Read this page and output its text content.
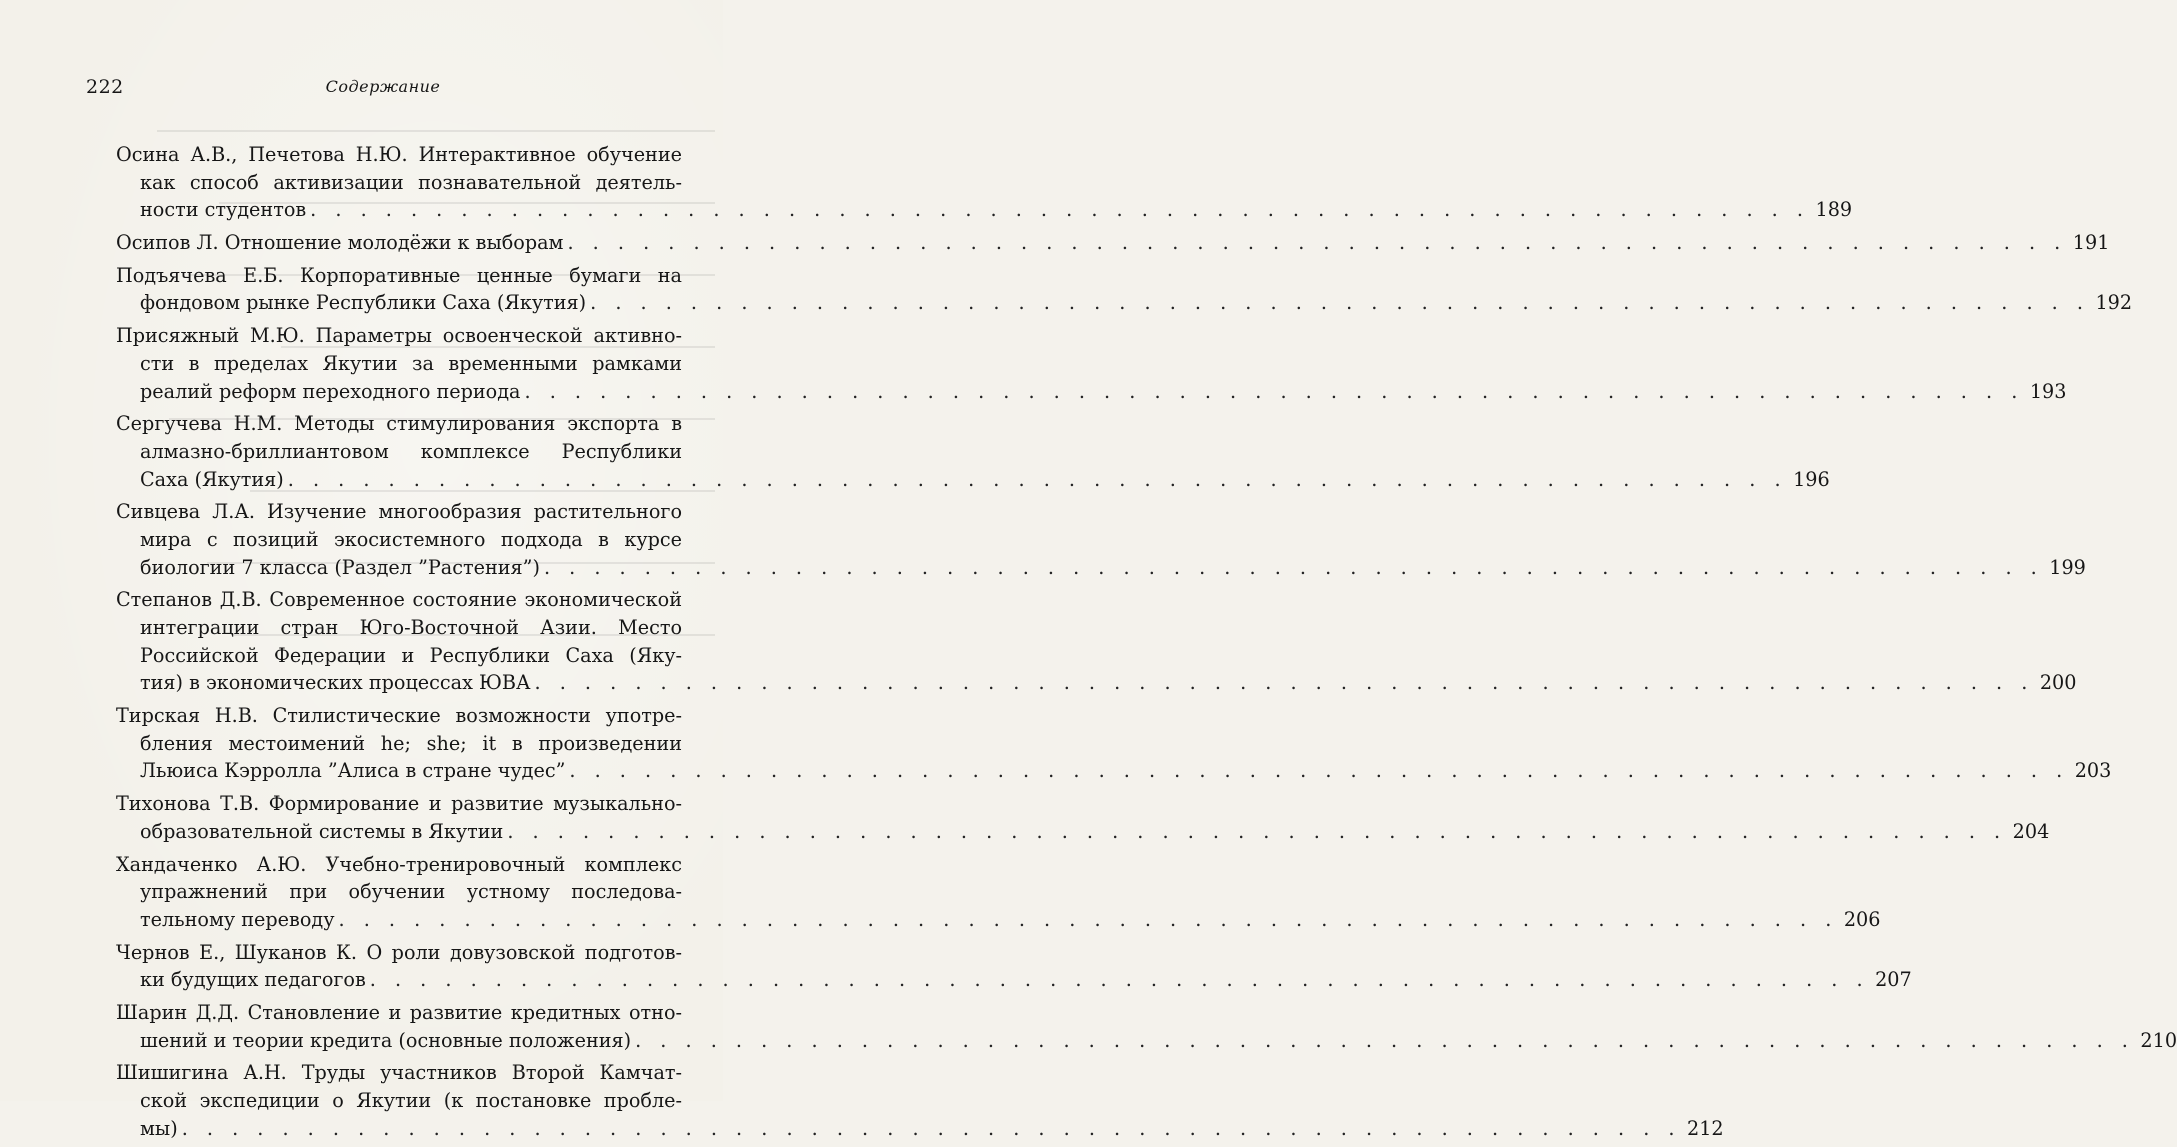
222	Содержание
Осина А.В., Печетова Н.Ю. Интерактивное обучение
как способ активизации познавательной деятель-
ности студентов . . . . . . . . . . . . . . . . . . . . . . . . . . . . . . . . . . . . . . . . . . . . . . . . . . . . . . . . . . . . 189
Осипов Л. Отношение молодёжи к выборам . . . . . . . . . . . . . . . . . . . . . . . . . . . . . . . . . . . . . . . . . . . . . . . . . . . . . . . . . . . . 191
Подъячева Е.Б. Корпоративные ценные бумаги на
фондовом рынке Республики Саха (Якутия) . . . . . . . . . . . . . . . . . . . . . . . . . . . . . . . . . . . . . . . . . . . . . . . . . . . . . . . . . . . . 192
Присяжный М.Ю. Параметры освоенческой активно-
сти в пределах Якутии за временными рамками
реалий реформ переходного периода . . . . . . . . . . . . . . . . . . . . . . . . . . . . . . . . . . . . . . . . . . . . . . . . . . . . . . . . . . . . 193
Сергучева Н.М. Методы стимулирования экспорта в
алмазно-бриллиантовом комплексе Республики
Саха (Якутия) . . . . . . . . . . . . . . . . . . . . . . . . . . . . . . . . . . . . . . . . . . . . . . . . . . . . . . . . . . . . 196
Сивцева Л.А. Изучение многообразия растительного
мира с позиций экосистемного подхода в курсе
биологии 7 класса (Раздел ”Растения”) . . . . . . . . . . . . . . . . . . . . . . . . . . . . . . . . . . . . . . . . . . . . . . . . . . . . . . . . . . . . 199
Степанов Д.В. Современное состояние экономической
интеграции стран Юго-Восточной Азии. Место
Российской Федерации и Республики Саха (Яку-
тия) в экономических процессах ЮВА . . . . . . . . . . . . . . . . . . . . . . . . . . . . . . . . . . . . . . . . . . . . . . . . . . . . . . . . . . . . 200
Тирская Н.В. Стилистические возможности употре-
бления местоимений he; she; it в произведении
Льюиса Кэрролла ”Алиса в стране чудес” . . . . . . . . . . . . . . . . . . . . . . . . . . . . . . . . . . . . . . . . . . . . . . . . . . . . . . . . . . . . 203
Тихонова Т.В. Формирование и развитие музыкально-
образовательной системы в Якутии . . . . . . . . . . . . . . . . . . . . . . . . . . . . . . . . . . . . . . . . . . . . . . . . . . . . . . . . . . . . 204
Хандаченко А.Ю. Учебно-тренировочный комплекс
упражнений при обучении устному последова-
тельному переводу . . . . . . . . . . . . . . . . . . . . . . . . . . . . . . . . . . . . . . . . . . . . . . . . . . . . . . . . . . . . 206
Чернов Е., Шуканов К. О роли довузовской подготов-
ки будущих педагогов . . . . . . . . . . . . . . . . . . . . . . . . . . . . . . . . . . . . . . . . . . . . . . . . . . . . . . . . . . . . 207
Шарин Д.Д. Становление и развитие кредитных отно-
шений и теории кредита (основные положения) . . . . . . . . . . . . . . . . . . . . . . . . . . . . . . . . . . . . . . . . . . . . . . . . . . . . . . . . . . . . 210
Шишигина А.Н. Труды участников Второй Камчат-
ской экспедиции о Якутии (к постановке пробле-
мы) . . . . . . . . . . . . . . . . . . . . . . . . . . . . . . . . . . . . . . . . . . . . . . . . . . . . . . . . . . . . 212
